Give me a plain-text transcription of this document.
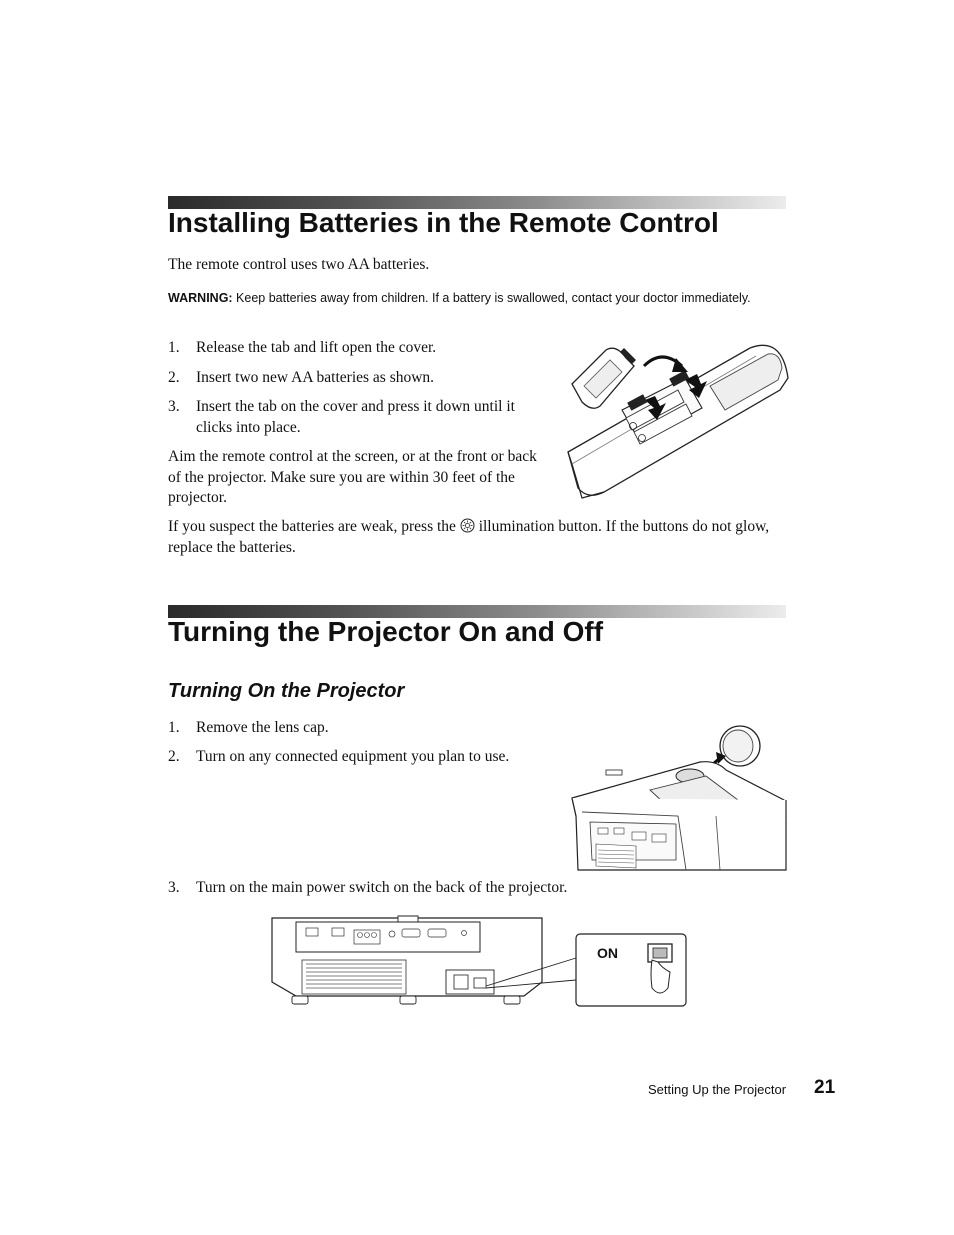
Installing Batteries in the Remote Control
The remote control uses two AA batteries.
WARNING: Keep batteries away from children. If a battery is swallowed, contact your doctor immediately.
1. Release the tab and lift open the cover.
2. Insert two new AA batteries as shown.
3. Insert the tab on the cover and press it down until it
clicks into place.
Aim the remote control at the screen, or at the front or back of the projector. Make sure you are within 30 feet of the projector.
If you suspect the batteries are weak, press the  illumination button. If the buttons do not glow, replace the batteries.
Turning the Projector On and Off
Turning On the Projector
1. Remove the lens cap.
2. Turn on any connected equipment you plan to use.
3. Turn on the main power switch on the back of the projector.
ON
Setting Up the Projector 21
